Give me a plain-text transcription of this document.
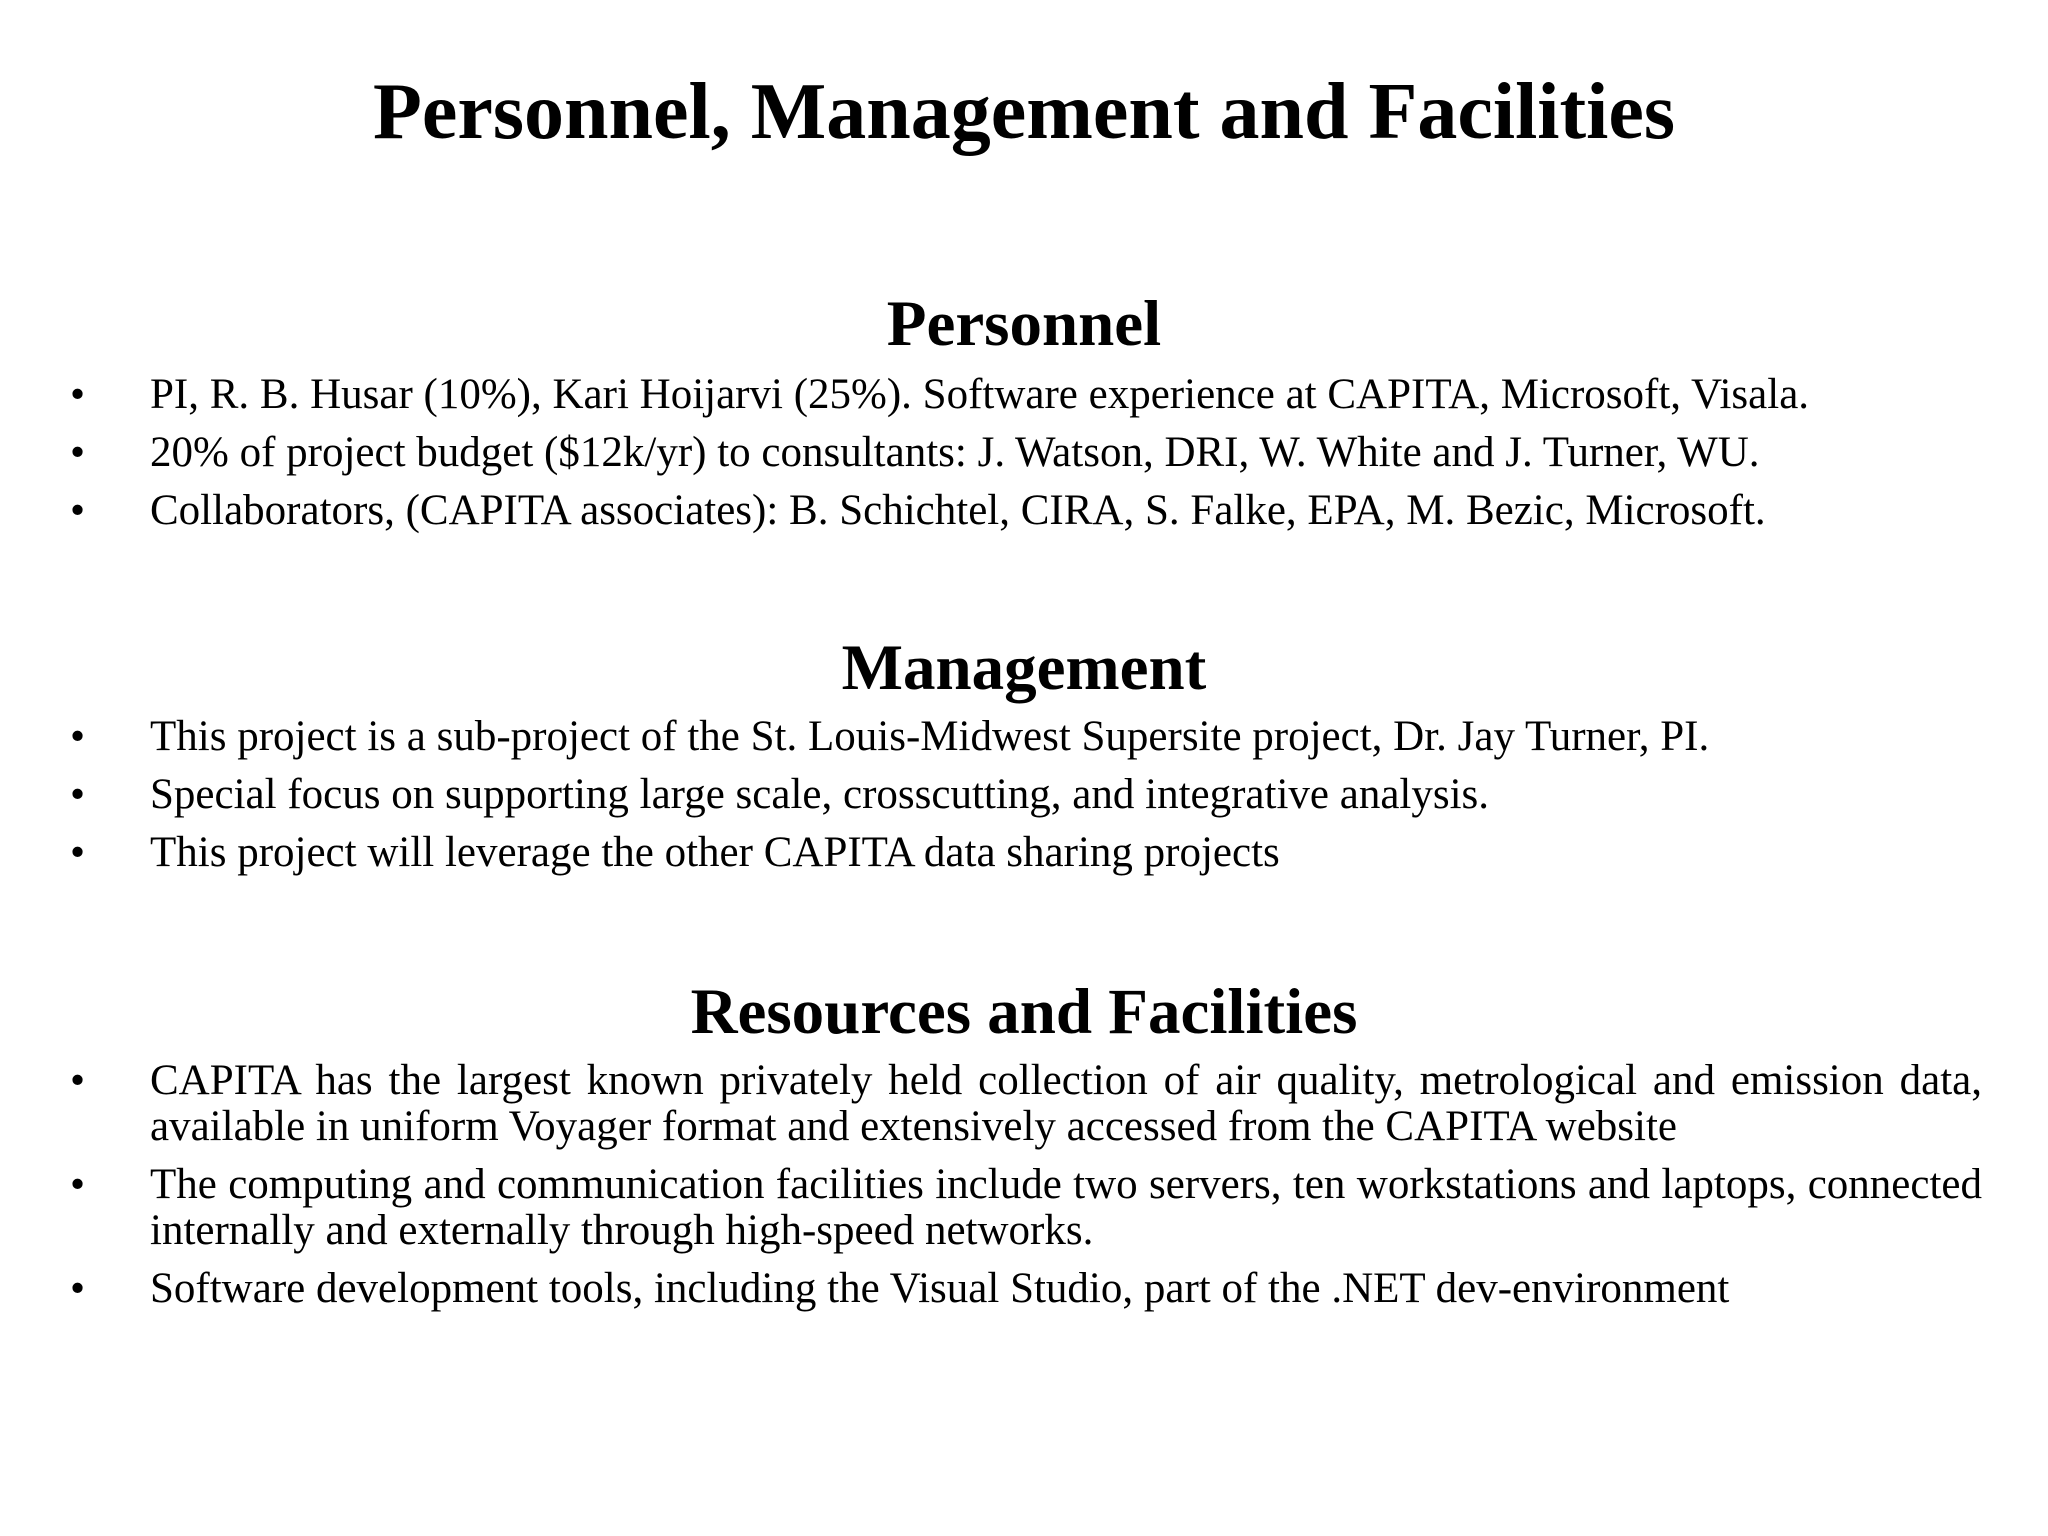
Personnel, Management and Facilities
Personnel
•	PI, R. B. Husar (10%), Kari Hoijarvi (25%). Software experience at CAPITA, Microsoft, Visala.
•	20% of project budget ($12k/yr) to consultants: J. Watson, DRI, W. White and J. Turner, WU.
•	Collaborators, (CAPITA associates): B. Schichtel, CIRA, S. Falke, EPA, M. Bezic, Microsoft.
Management
•	This project is a sub-project of the St. Louis-Midwest Supersite project, Dr. Jay Turner, PI.
•	Special focus on supporting large scale, crosscutting, and integrative analysis.
•	This project will leverage the other CAPITA data sharing projects
Resources and Facilities
•	CAPITA has the largest known privately held collection of air quality, metrological and emission data, available in uniform Voyager format and extensively accessed from the CAPITA website
•	The computing and communication facilities include two servers, ten workstations and laptops, connected internally and externally through high-speed networks.
•	Software development tools, including the Visual Studio, part of the .NET dev-environment
